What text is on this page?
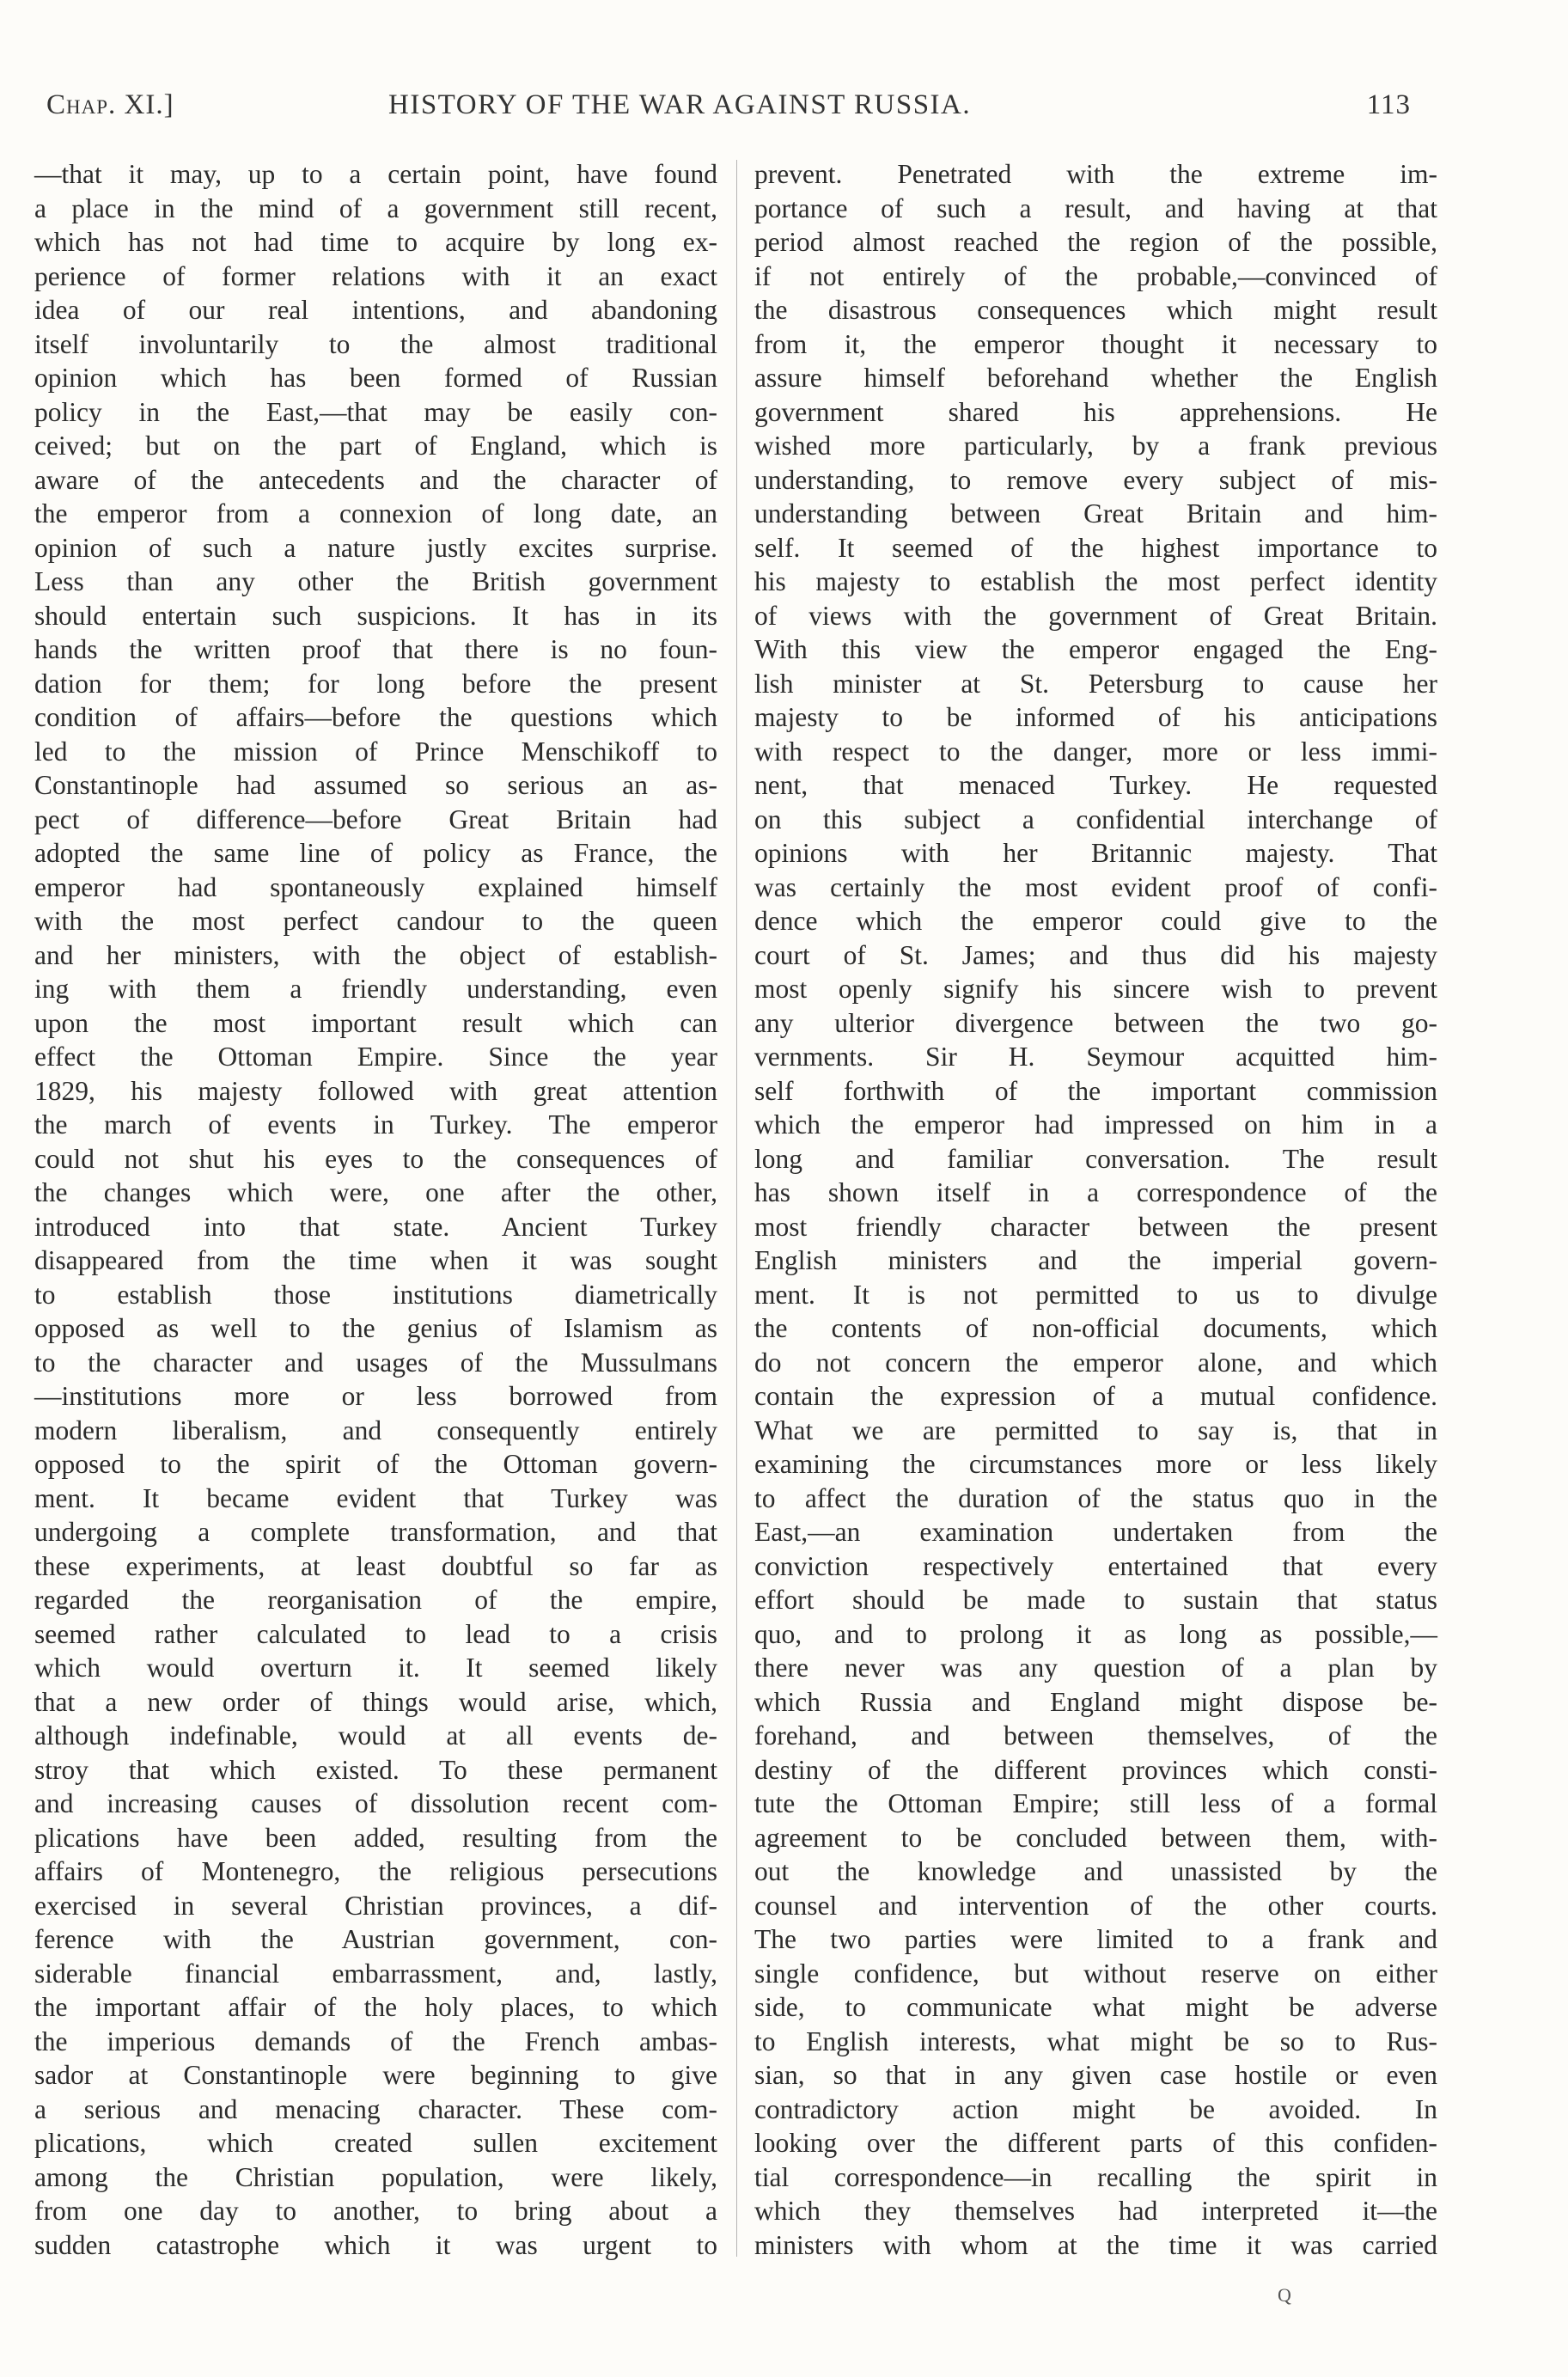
Chap. XI.]	HISTORY OF THE WAR AGAINST RUSSIA.	113
—that it may, up to a certain point, have found
a place in the mind of a government still recent,
which has not had time to acquire by long ex-
perience of former relations with it an exact
idea of our real intentions, and abandoning
itself involuntarily to the almost traditional
opinion which has been formed of Russian
policy in the East,—that may be easily con-
ceived; but on the part of England, which is
aware of the antecedents and the character of
the emperor from a connexion of long date, an
opinion of such a nature justly excites surprise.
Less than any other the British government
should entertain such suspicions. It has in its
hands the written proof that there is no foun-
dation for them; for long before the present
condition of affairs—before the questions which
led to the mission of Prince Menschikoff to
Constantinople had assumed so serious an as-
pect of difference—before Great Britain had
adopted the same line of policy as France, the
emperor had spontaneously explained himself
with the most perfect candour to the queen
and her ministers, with the object of establish-
ing with them a friendly understanding, even
upon the most important result which can
effect the Ottoman Empire. Since the year
1829, his majesty followed with great attention
the march of events in Turkey. The emperor
could not shut his eyes to the consequences of
the changes which were, one after the other,
introduced into that state. Ancient Turkey
disappeared from the time when it was sought
to establish those institutions diametrically
opposed as well to the genius of Islamism as
to the character and usages of the Mussulmans
—institutions more or less borrowed from
modern liberalism, and consequently entirely
opposed to the spirit of the Ottoman govern-
ment. It became evident that Turkey was
undergoing a complete transformation, and that
these experiments, at least doubtful so far as
regarded the reorganisation of the empire,
seemed rather calculated to lead to a crisis
which would overturn it. It seemed likely
that a new order of things would arise, which,
although indefinable, would at all events de-
stroy that which existed. To these permanent
and increasing causes of dissolution recent com-
plications have been added, resulting from the
affairs of Montenegro, the religious persecutions
exercised in several Christian provinces, a dif-
ference with the Austrian government, con-
siderable financial embarrassment, and, lastly,
the important affair of the holy places, to which
the imperious demands of the French ambas-
sador at Constantinople were beginning to give
a serious and menacing character. These com-
plications, which created sullen excitement
among the Christian population, were likely,
from one day to another, to bring about a
sudden catastrophe which it was urgent to
prevent. Penetrated with the extreme im-
portance of such a result, and having at that
period almost reached the region of the possible,
if not entirely of the probable,—convinced of
the disastrous consequences which might result
from it, the emperor thought it necessary to
assure himself beforehand whether the English
government shared his apprehensions. He
wished more particularly, by a frank previous
understanding, to remove every subject of mis-
understanding between Great Britain and him-
self. It seemed of the highest importance to
his majesty to establish the most perfect identity
of views with the government of Great Britain.
With this view the emperor engaged the Eng-
lish minister at St. Petersburg to cause her
majesty to be informed of his anticipations
with respect to the danger, more or less immi-
nent, that menaced Turkey. He requested
on this subject a confidential interchange of
opinions with her Britannic majesty. That
was certainly the most evident proof of confi-
dence which the emperor could give to the
court of St. James; and thus did his majesty
most openly signify his sincere wish to prevent
any ulterior divergence between the two go-
vernments. Sir H. Seymour acquitted him-
self forthwith of the important commission
which the emperor had impressed on him in a
long and familiar conversation. The result
has shown itself in a correspondence of the
most friendly character between the present
English ministers and the imperial govern-
ment. It is not permitted to us to divulge
the contents of non-official documents, which
do not concern the emperor alone, and which
contain the expression of a mutual confidence.
What we are permitted to say is, that in
examining the circumstances more or less likely
to affect the duration of the status quo in the
East,—an examination undertaken from the
conviction respectively entertained that every
effort should be made to sustain that status
quo, and to prolong it as long as possible,—
there never was any question of a plan by
which Russia and England might dispose be-
forehand, and between themselves, of the
destiny of the different provinces which consti-
tute the Ottoman Empire; still less of a formal
agreement to be concluded between them, with-
out the knowledge and unassisted by the
counsel and intervention of the other courts.
The two parties were limited to a frank and
single confidence, but without reserve on either
side, to communicate what might be adverse
to English interests, what might be so to Rus-
sian, so that in any given case hostile or even
contradictory action might be avoided. In
looking over the different parts of this confiden-
tial correspondence—in recalling the spirit in
which they themselves had interpreted it—the
ministers with whom at the time it was carried
Q
